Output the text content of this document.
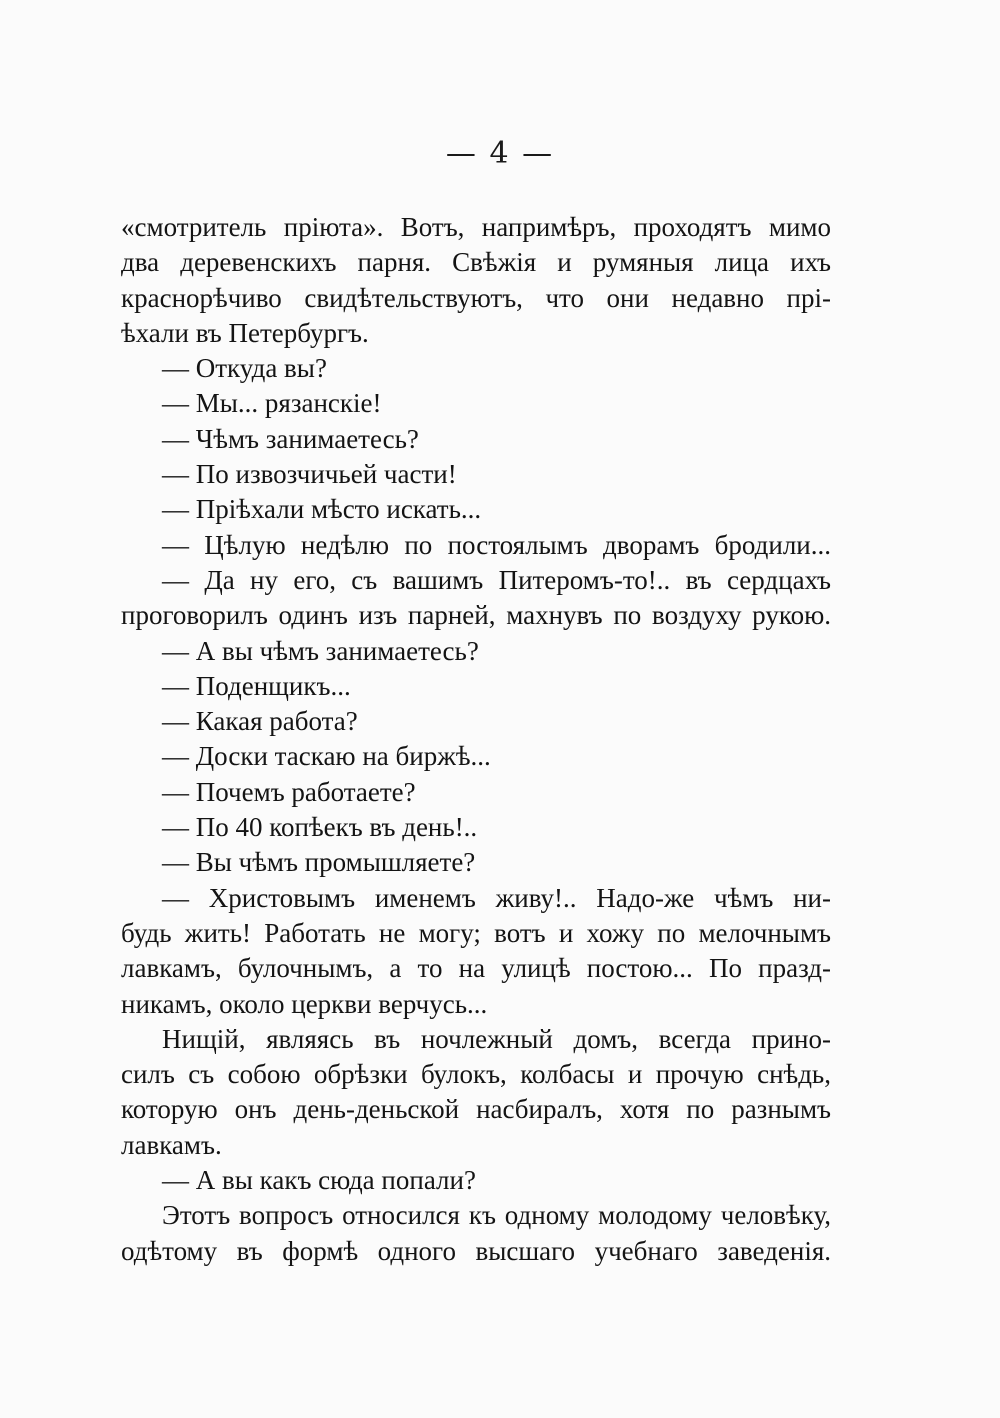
— 4 —
«смотритель прiюта». Вотъ, напримѣръ, проходятъ мимо
два деревенскихъ парня. Свѣжiя и румяныя лица ихъ
краснорѣчиво свидѣтельствуютъ, что они недавно прi-
ѣхали въ Петербургъ.
— Откуда вы?
— Мы... рязанскiе!
— Чѣмъ занимаетесь?
— По извозчичьей части!
— Прiѣхали мѣсто искать...
— Цѣлую недѣлю по постоялымъ дворамъ бродили...
— Да ну его, съ вашимъ Питеромъ-то!.. въ сердцахъ
проговорилъ одинъ изъ парней, махнувъ по воздуху рукою.
— А вы чѣмъ занимаетесь?
— Поденщикъ...
— Какая работа?
— Доски таскаю на биржѣ...
— Почемъ работаете?
— По 40 копѣекъ въ день!..
— Вы чѣмъ промышляете?
— Христовымъ именемъ живу!.. Надо-же чѣмъ ни-
будь жить! Работать не могу; вотъ и хожу по мелочнымъ
лавкамъ, булочнымъ, а то на улицѣ постою... По празд-
никамъ, около церкви верчусь...
Нищiй, являясь въ ночлежный домъ, всегда прино-
силъ съ собою обрѣзки булокъ, колбасы и прочую снѣдь,
которую онъ день-деньской насбиралъ, хотя по разнымъ
лавкамъ.
— А вы какъ сюда попали?
Этотъ вопросъ относился къ одному молодому человѣку,
одѣтому въ формѣ одного высшаго учебнаго заведенiя.
